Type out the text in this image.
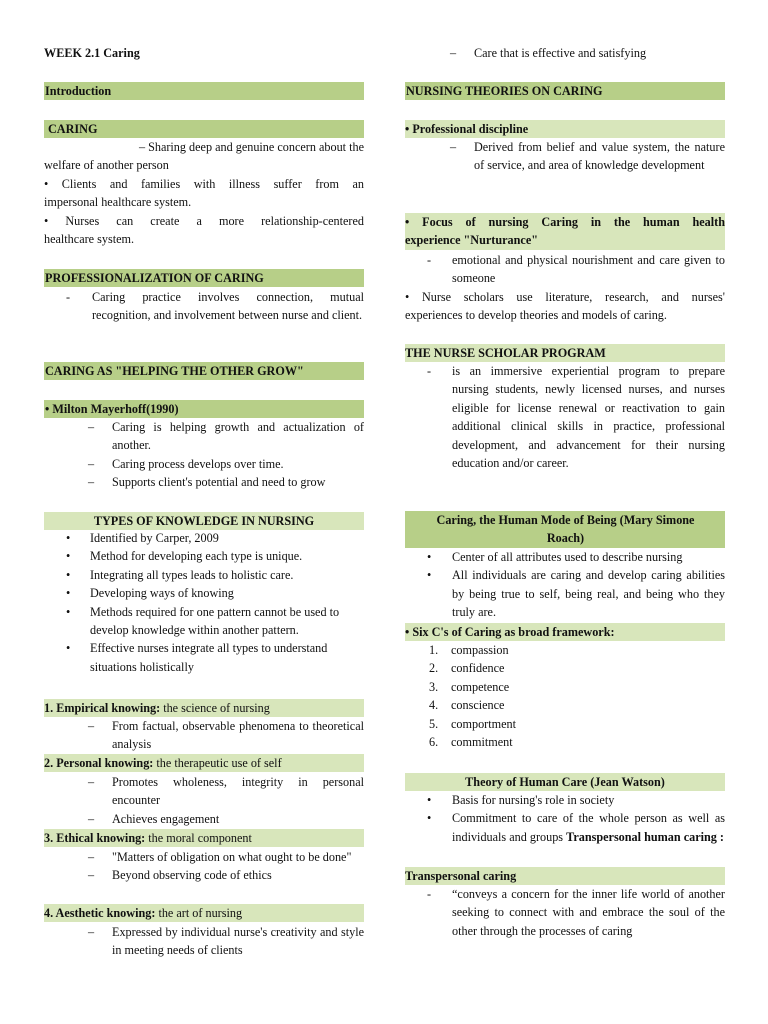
WEEK 2.1 Caring
Introduction
CARING
– Sharing deep and genuine concern about the
welfare of another person
• Clients and families with illness suffer from an
impersonal healthcare system.
• Nurses can create a more relationship-centered
healthcare system.
PROFESSIONALIZATION OF CARING
-	Caring practice involves connection, mutual recognition, and involvement between nurse and client.
CARING AS "HELPING THE OTHER GROW"
• Milton Mayerhoff(1990)
–	Caring is helping growth and actualization of another.
–	Caring process develops over time.
–	Supports client's potential and need to grow
TYPES OF KNOWLEDGE IN NURSING
•	Identified by Carper, 2009
•	Method for developing each type is unique.
•	Integrating all types leads to holistic care.
•	Developing ways of knowing
•	Methods required for one pattern cannot be used to develop knowledge within another pattern.
•	Effective nurses integrate all types to understand situations holistically
1. Empirical knowing: the science of nursing
–	From factual, observable phenomena to theoretical analysis
2. Personal knowing: the therapeutic use of self
–	Promotes wholeness, integrity in personal encounter
–	Achieves engagement
3. Ethical knowing: the moral component
–	"Matters of obligation on what ought to be done"
–	Beyond observing code of ethics
4. Aesthetic knowing: the art of nursing
–	Expressed by individual nurse's creativity and style in meeting needs of clients
–	Care that is effective and satisfying
NURSING THEORIES ON CARING
• Professional discipline
–	Derived from belief and value system, the nature of service, and area of knowledge development
• Focus of nursing Caring in the human health
experience "Nurturance"
-	emotional and physical nourishment and care given to someone
• Nurse scholars use literature, research, and nurses'
experiences to develop theories and models of caring.
THE NURSE SCHOLAR PROGRAM
-	is an immersive experiential program to prepare nursing students, newly licensed nurses, and nurses eligible for license renewal or reactivation to gain additional clinical skills in practice, professional development, and advancement for their nursing education and/or career.
Caring, the Human Mode of Being (Mary Simone
Roach)
•	Center of all attributes used to describe nursing
•	All individuals are caring and develop caring abilities by being true to self, being real, and being who they truly are.
• Six C's of Caring as broad framework:
1.	compassion
2.	confidence
3.	competence
4.	conscience
5.	comportment
6.	commitment
Theory of Human Care (Jean Watson)
•	Basis for nursing's role in society
•	Commitment to care of the whole person as well as individuals and groups Transpersonal human caring :
Transpersonal caring
-	“conveys a concern for the inner life world of another seeking to connect with and embrace the soul of the other through the processes of caring
